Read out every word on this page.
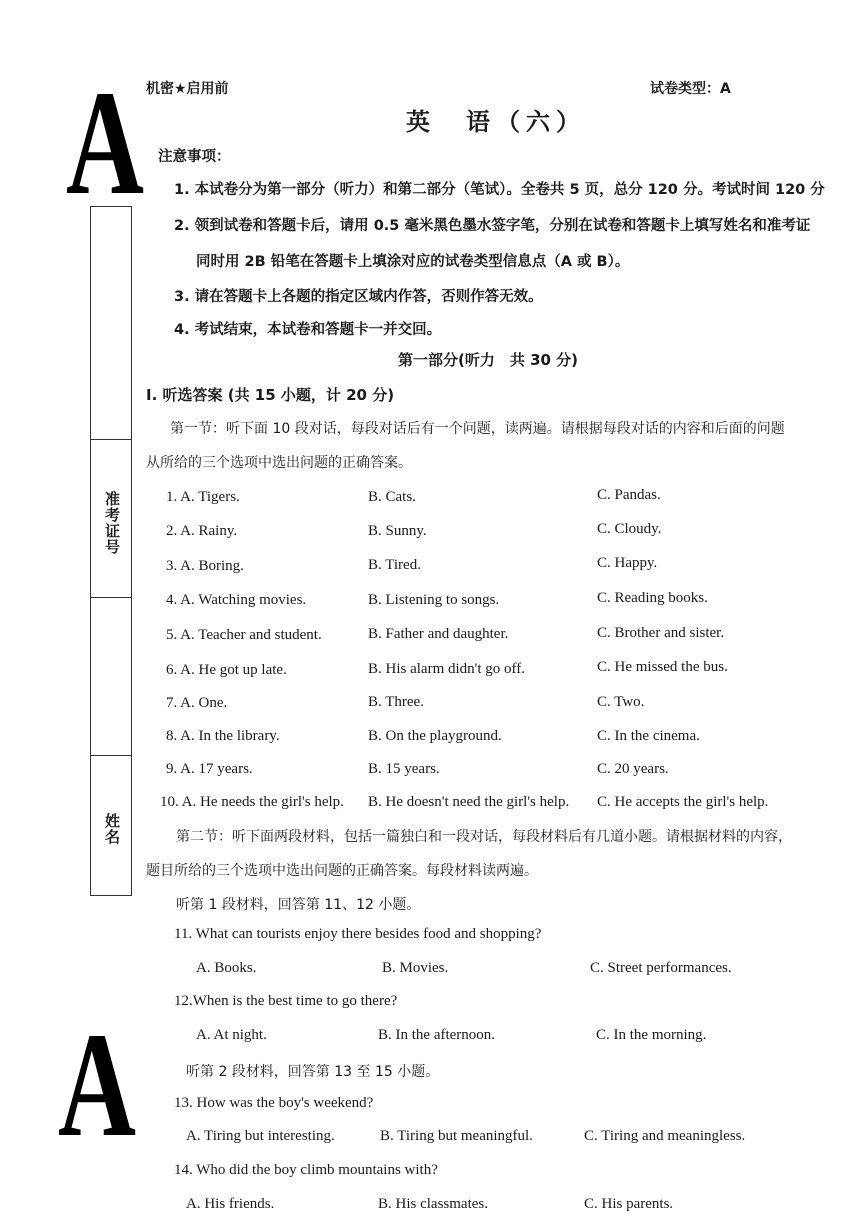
A
A
准考证号
姓名
机密★启用前	试卷类型：A
英　语（六）
注意事项：
1. 本试卷分为第一部分（听力）和第二部分（笔试）。全卷共 5 页，总分 120 分。考试时间 120 分
2. 领到试卷和答题卡后，请用 0.5 毫米黑色墨水签字笔，分别在试卷和答题卡上填写姓名和准考证
同时用 2B 铅笔在答题卡上填涂对应的试卷类型信息点（A 或 B）。
3. 请在答题卡上各题的指定区域内作答，否则作答无效。
4. 考试结束，本试卷和答题卡一并交回。
第一部分(听力　共 30 分)
I. 听选答案 (共 15 小题，计 20 分)
第一节：听下面 10 段对话，每段对话后有一个问题，读两遍。请根据每段对话的内容和后面的问题
从所给的三个选项中选出问题的正确答案。
1. A. Tigers.	B. Cats.	C. Pandas.
2. A. Rainy.	B. Sunny.	C. Cloudy.
3. A. Boring.	B. Tired.	C. Happy.
4. A. Watching movies.	B. Listening to songs.	C. Reading books.
5. A. Teacher and student.	B. Father and daughter.	C. Brother and sister.
6. A. He got up late.	B. His alarm didn't go off.	C. He missed the bus.
7. A. One.	B. Three.	C. Two.
8. A. In the library.	B. On the playground.	C. In the cinema.
9. A. 17 years.	B. 15 years.	C. 20 years.
10. A. He needs the girl's help. B. He doesn't need the girl's help. C. He accepts the girl's help.
第二节：听下面两段材料，包括一篇独白和一段对话，每段材料后有几道小题。请根据材料的内容，
题目所给的三个选项中选出问题的正确答案。每段材料读两遍。
听第 1 段材料，回答第 11、12 小题。
11. What can tourists enjoy there besides food and shopping?
A. Books.	B. Movies.	C. Street performances.
12.When is the best time to go there?
A. At night.	B. In the afternoon.	C. In the morning.
听第 2 段材料，回答第 13 至 15 小题。
13. How was the boy's weekend?
A. Tiring but interesting.	B. Tiring but meaningful.	C. Tiring and meaningless.
14. Who did the boy climb mountains with?
A. His friends.	B. His classmates.	C. His parents.
